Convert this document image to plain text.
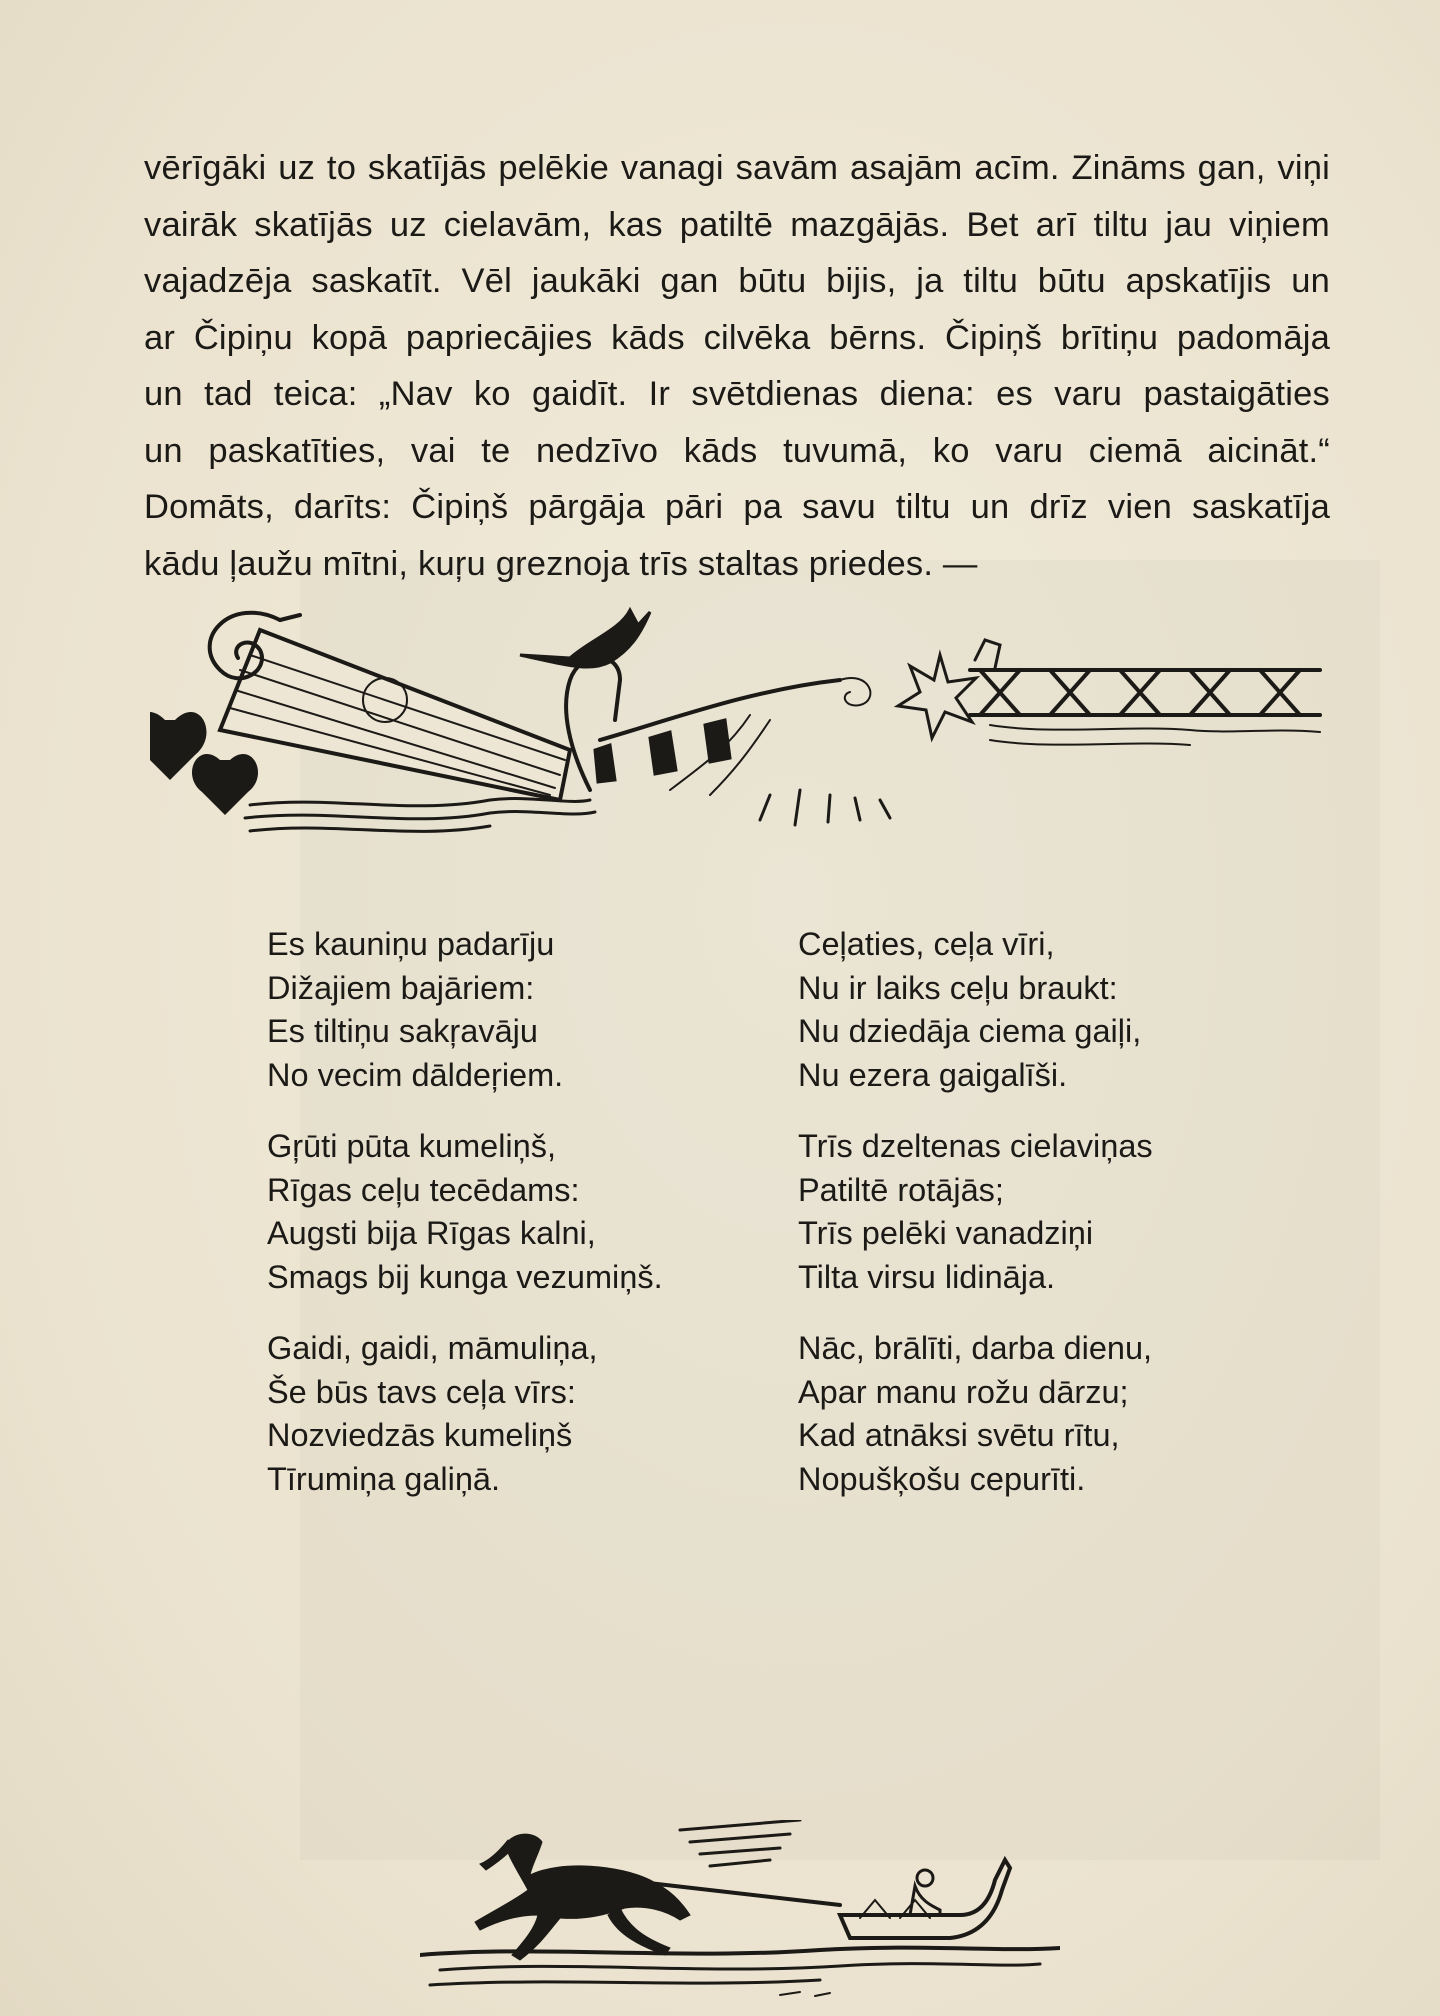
vērīgāki uz to skatījās pelēkie vanagi savām asajām acīm. Zināms gan, viņi
vairāk skatījās uz cielavām, kas patiltē mazgājās. Bet arī tiltu jau viņiem
vajadzēja saskatīt. Vēl jaukāki gan būtu bijis, ja tiltu būtu apskatījis un
ar Čipiņu kopā papriecājies kāds cilvēka bērns. Čipiņš brītiņu padomāja
un tad teica: „Nav ko gaidīt. Ir svētdienas diena: es varu pastaigāties
un paskatīties, vai te nedzīvo kāds tuvumā, ko varu ciemā aicināt.“
Domāts, darīts: Čipiņš pārgāja pāri pa savu tiltu un drīz vien saskatīja
kādu ļaužu mītni, kuŗu greznoja trīs staltas priedes. —
Es kauniņu padarīju
Dižajiem bajāriem:
Es tiltiņu sakŗavāju
No vecim dāldeŗiem.
Gŗūti pūta kumeliņš,
Rīgas ceļu tecēdams:
Augsti bija Rīgas kalni,
Smags bij kunga vezumiņš.
Gaidi, gaidi, māmuliņa,
Še būs tavs ceļa vīrs:
Nozviedzās kumeliņš
Tīrumiņa galiņā.
Ceļaties, ceļa vīri,
Nu ir laiks ceļu braukt:
Nu dziedāja ciema gaiļi,
Nu ezera gaigalīši.
Trīs dzeltenas cielaviņas
Patiltē rotājās;
Trīs pelēki vanadziņi
Tilta virsu lidināja.
Nāc, brālīti, darba dienu,
Apar manu rožu dārzu;
Kad atnāksi svētu rītu,
Nopušķošu cepurīti.
